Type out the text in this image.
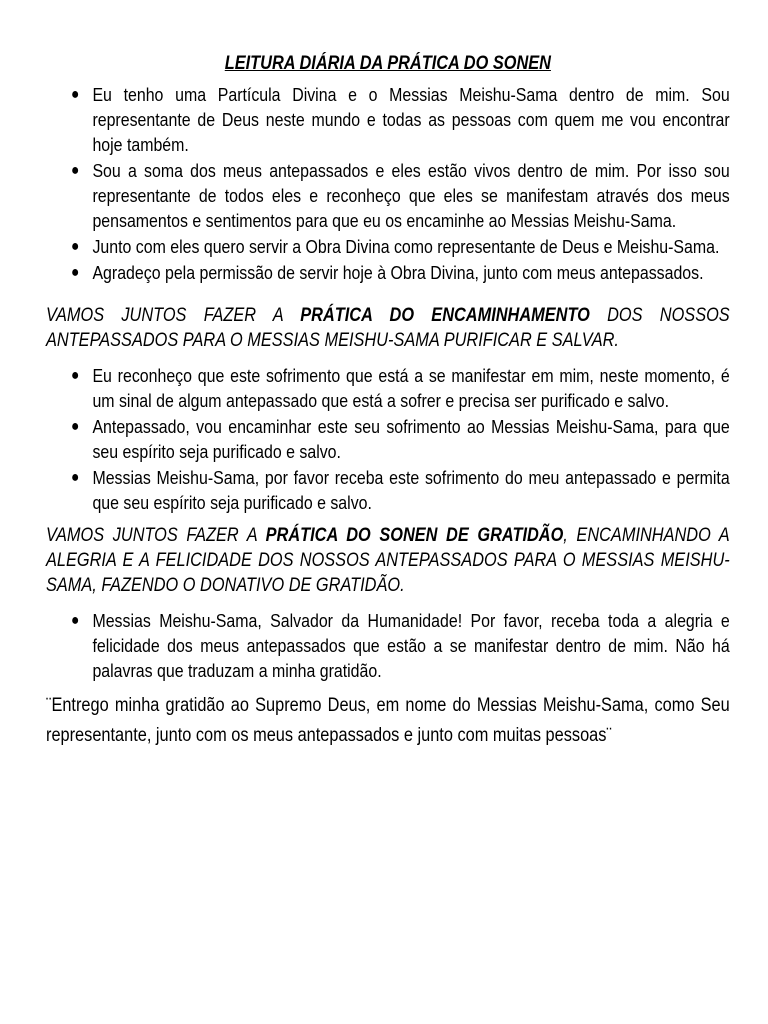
LEITURA DIÁRIA DA PRÁTICA DO SONEN
● Eu tenho uma Partícula Divina e o Messias Meishu-Sama dentro de mim. Sou representante de Deus neste mundo e todas as pessoas com quem me vou encontrar hoje também.
● Sou a soma dos meus antepassados e eles estão vivos dentro de mim. Por isso sou representante de todos eles e reconheço que eles se manifestam através dos meus pensamentos e sentimentos para que eu os encaminhe ao Messias Meishu-Sama.
● Junto com eles quero servir a Obra Divina como representante de Deus e Meishu-Sama.
● Agradeço pela permissão de servir hoje à Obra Divina, junto com meus antepassados.
VAMOS JUNTOS FAZER A PRÁTICA DO ENCAMINHAMENTO DOS NOSSOS ANTEPASSADOS PARA O MESSIAS MEISHU-SAMA PURIFICAR E SALVAR.
● Eu reconheço que este sofrimento que está a se manifestar em mim, neste momento, é um sinal de algum antepassado que está a sofrer e precisa ser purificado e salvo.
● Antepassado, vou encaminhar este seu sofrimento ao Messias Meishu-Sama, para que seu espírito seja purificado e salvo.
● Messias Meishu-Sama, por favor receba este sofrimento do meu antepassado e permita que seu espírito seja purificado e salvo.
VAMOS JUNTOS FAZER A PRÁTICA DO SONEN DE GRATIDÃO, ENCAMINHANDO A ALEGRIA E A FELICIDADE DOS NOSSOS ANTEPASSADOS PARA O MESSIAS MEISHU-SAMA, FAZENDO O DONATIVO DE GRATIDÃO.
● Messias Meishu-Sama, Salvador da Humanidade! Por favor, receba toda a alegria e felicidade dos meus antepassados que estão a se manifestar dentro de mim. Não há palavras que traduzam a minha gratidão.
¨Entrego minha gratidão ao Supremo Deus, em nome do Messias Meishu-Sama, como Seu representante, junto com os meus antepassados e junto com muitas pessoas¨
